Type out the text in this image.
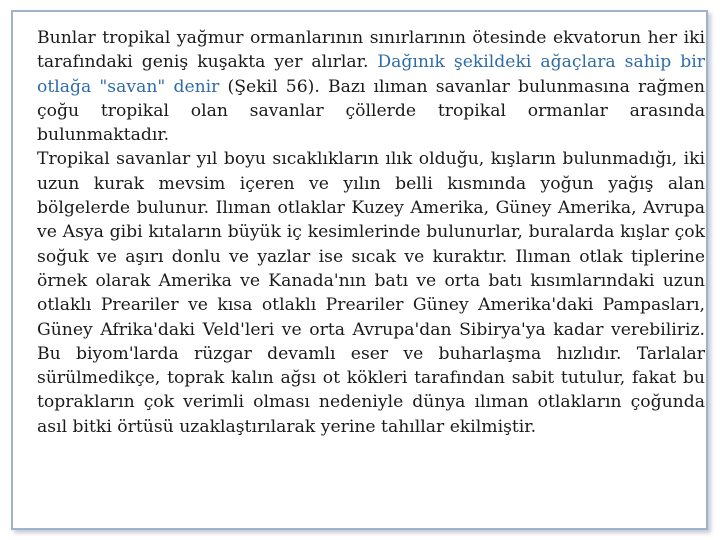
Bunlar tropikal yağmur ormanlarının sınırlarının ötesinde ekvatorun her iki tarafındaki geniş kuşakta yer alırlar. Dağınık şekildeki ağaçlara sahip bir otlağa "savan" denir (Şekil 56). Bazı ılıman savanlar bulunmasına rağmen çoğu tropikal olan savanlar çöllerde tropikal ormanlar arasında bulunmaktadır.

Tropikal savanlar yıl boyu sıcaklıkların ılık olduğu, kışların bulunmadığı, iki uzun kurak mevsim içeren ve yılın belli kısmında yoğun yağış alan bölgelerde bulunur. Ilıman otlaklar Kuzey Amerika, Güney Amerika, Avrupa ve Asya gibi kıtaların büyük iç kesimlerinde bulunurlar, buralarda kışlar çok soğuk ve aşırı donlu ve yazlar ise sıcak ve kuraktır. Ilıman otlak tiplerine örnek olarak Amerika ve Kanada'nın batı ve orta batı kısımlarındaki uzun otlaklı Preariler ve kısa otlaklı Preariler Güney Amerika'daki Pampasları, Güney Afrika'daki Veld'leri ve orta Avrupa'dan Sibirya'ya kadar verebiliriz. Bu biyom'larda rüzgar devamlı eser ve buharlaşma hızlıdır. Tarlalar sürülmedikçe, toprak kalın ağsı ot kökleri tarafından sabit tutulur, fakat bu toprakların çok verimli olması nedeniyle dünya ılıman otlakların çoğunda asıl bitki örtüsü uzaklaştırılarak yerine tahıllar ekilmiştir.
